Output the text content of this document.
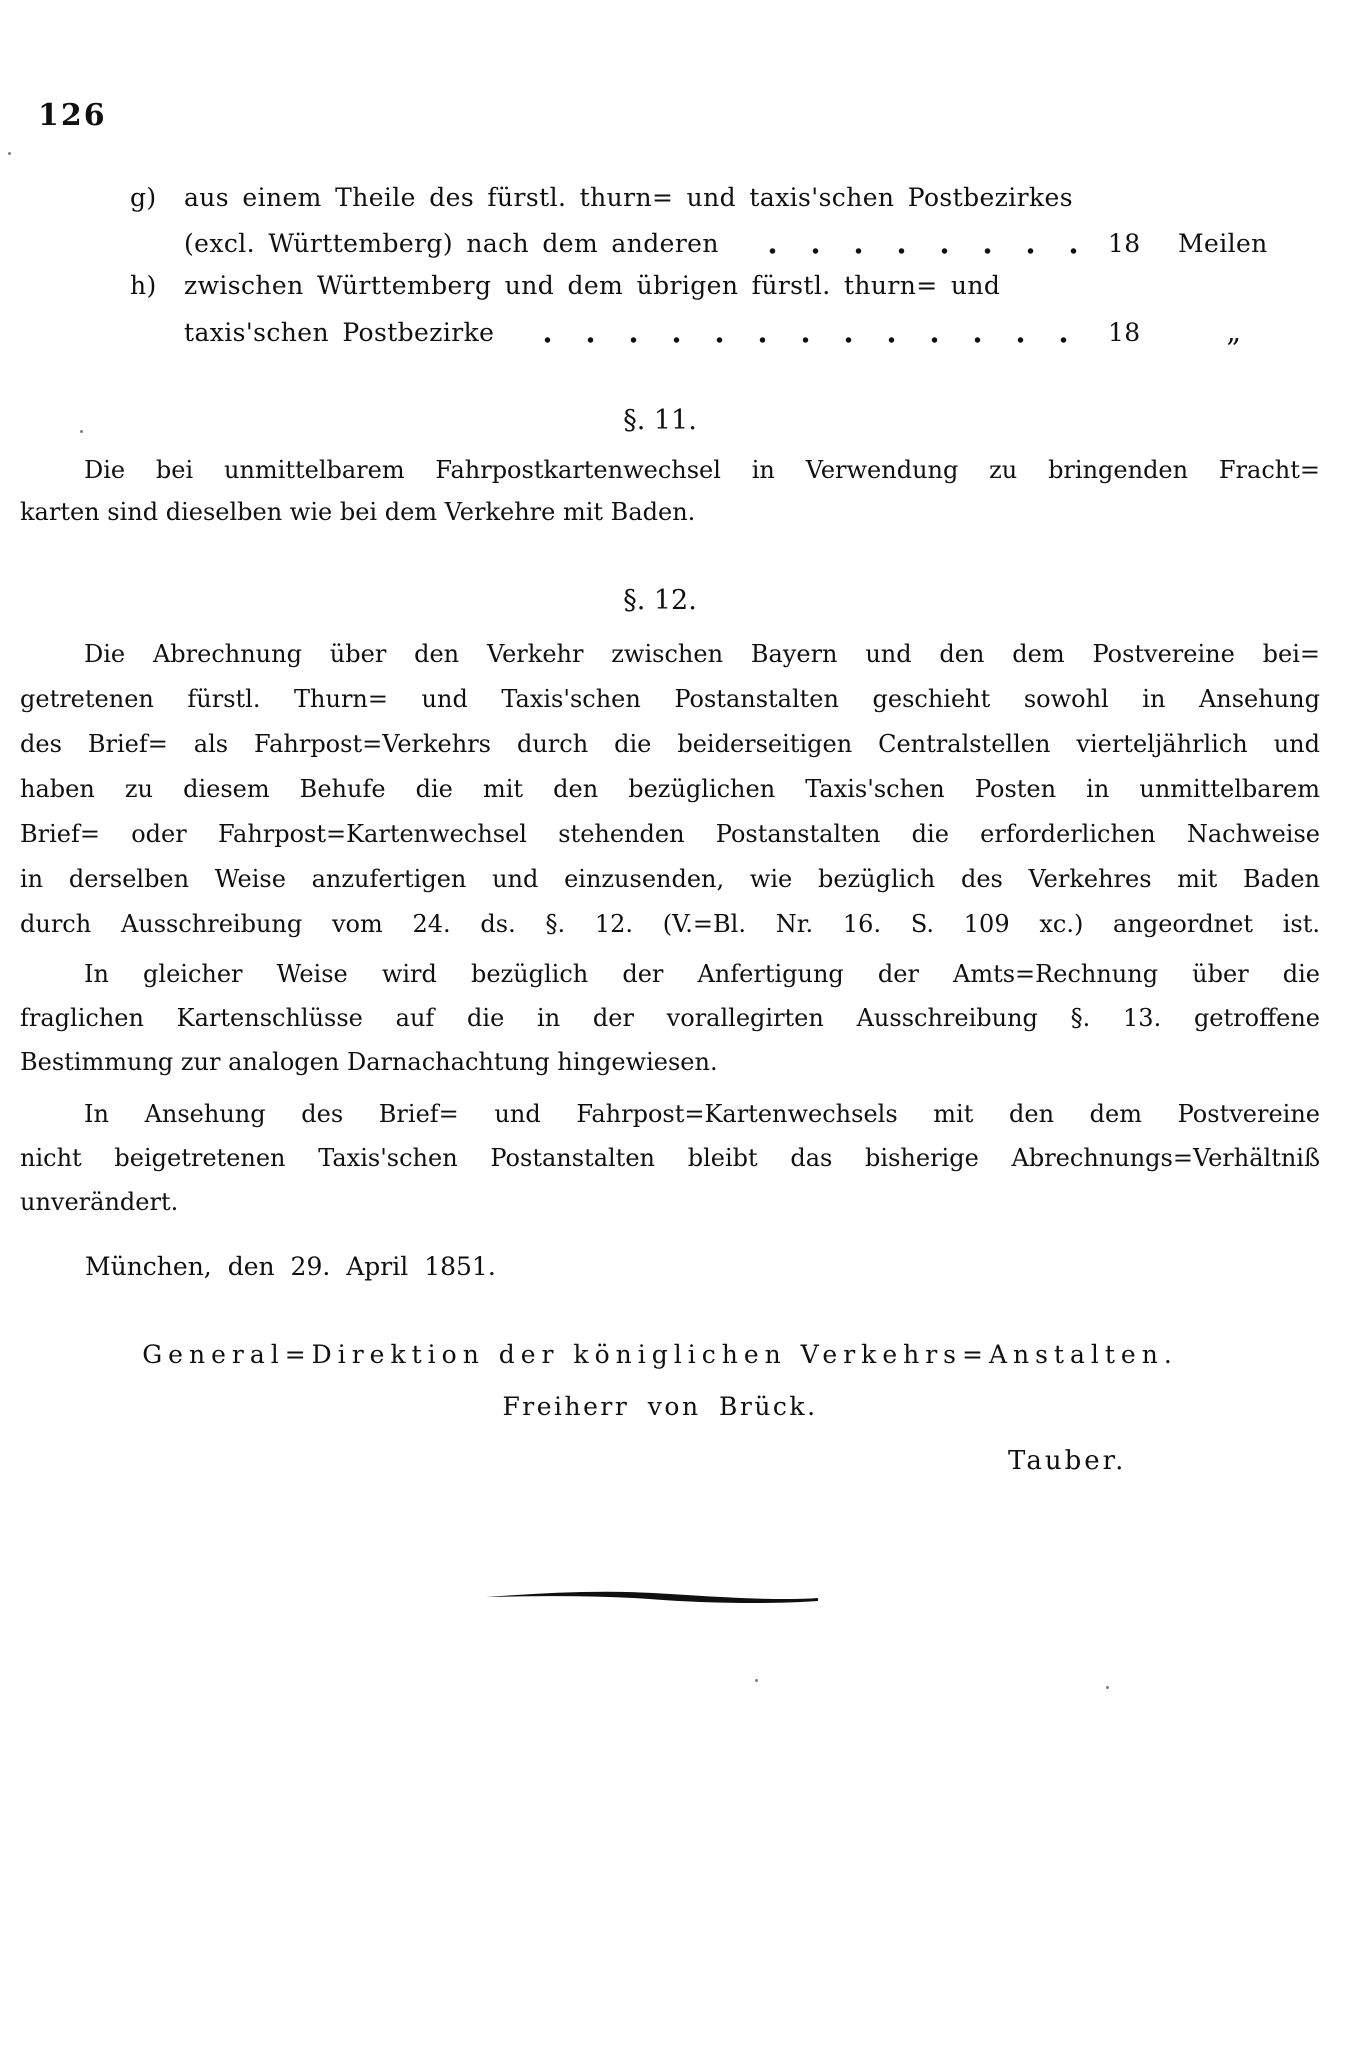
126
g) aus einem Theile des fürstl. thurn= und taxis'schen Postbezirkes
(excl. Württemberg) nach dem anderen	18	Meilen
h) zwischen Württemberg und dem übrigen fürstl. thurn= und
taxis'schen Postbezirke	18	„
§. 11.
Die bei unmittelbarem Fahrpostkartenwechsel in Verwendung zu bringenden Fracht=
karten sind dieselben wie bei dem Verkehre mit Baden.
§. 12.
Die Abrechnung über den Verkehr zwischen Bayern und den dem Postvereine bei=
getretenen fürstl. Thurn= und Taxis'schen Postanstalten geschieht sowohl in Ansehung
des Brief= als Fahrpost=Verkehrs durch die beiderseitigen Centralstellen vierteljährlich und
haben zu diesem Behufe die mit den bezüglichen Taxis'schen Posten in unmittelbarem
Brief= oder Fahrpost=Kartenwechsel stehenden Postanstalten die erforderlichen Nachweise
in derselben Weise anzufertigen und einzusenden, wie bezüglich des Verkehres mit Baden
durch Ausschreibung vom 24. ds. §. 12. (V.=Bl. Nr. 16. S. 109 xc.) angeordnet ist.
In gleicher Weise wird bezüglich der Anfertigung der Amts=Rechnung über die
fraglichen Kartenschlüsse auf die in der vorallegirten Ausschreibung §. 13. getroffene
Bestimmung zur analogen Darnachachtung hingewiesen.
In Ansehung des Brief= und Fahrpost=Kartenwechsels mit den dem Postvereine
nicht beigetretenen Taxis'schen Postanstalten bleibt das bisherige Abrechnungs=Verhältniß
unverändert.
München, den 29. April 1851.
General=Direktion der königlichen Verkehrs=Anstalten.
Freiherr von Brück.
Tauber.
